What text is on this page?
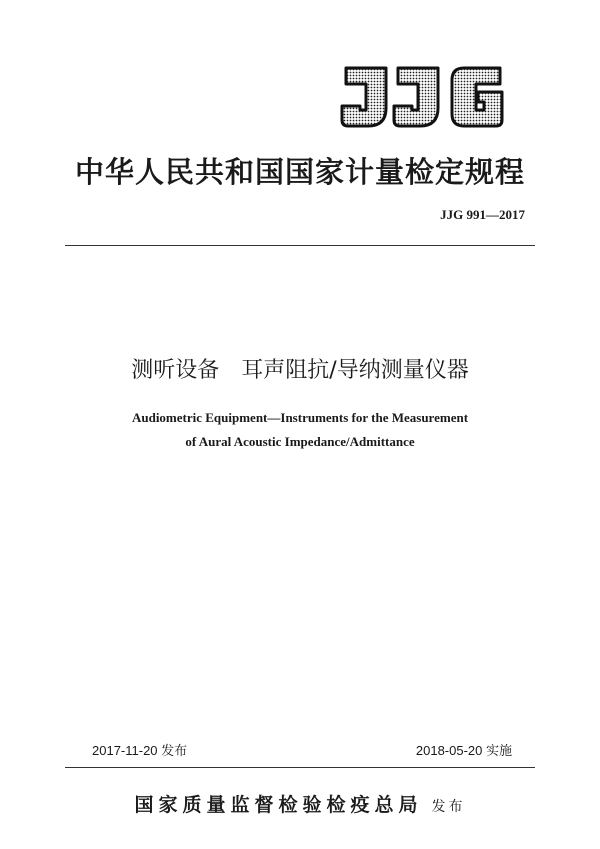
中华人民共和国国家计量检定规程
JJG 991—2017
测听设备　耳声阻抗/导纳测量仪器
Audiometric Equipment—Instruments for the Measurement
of Aural Acoustic Impedance/Admittance
2017-11-20 发布	2018-05-20 实施
国家质量监督检验检疫总局 发布
